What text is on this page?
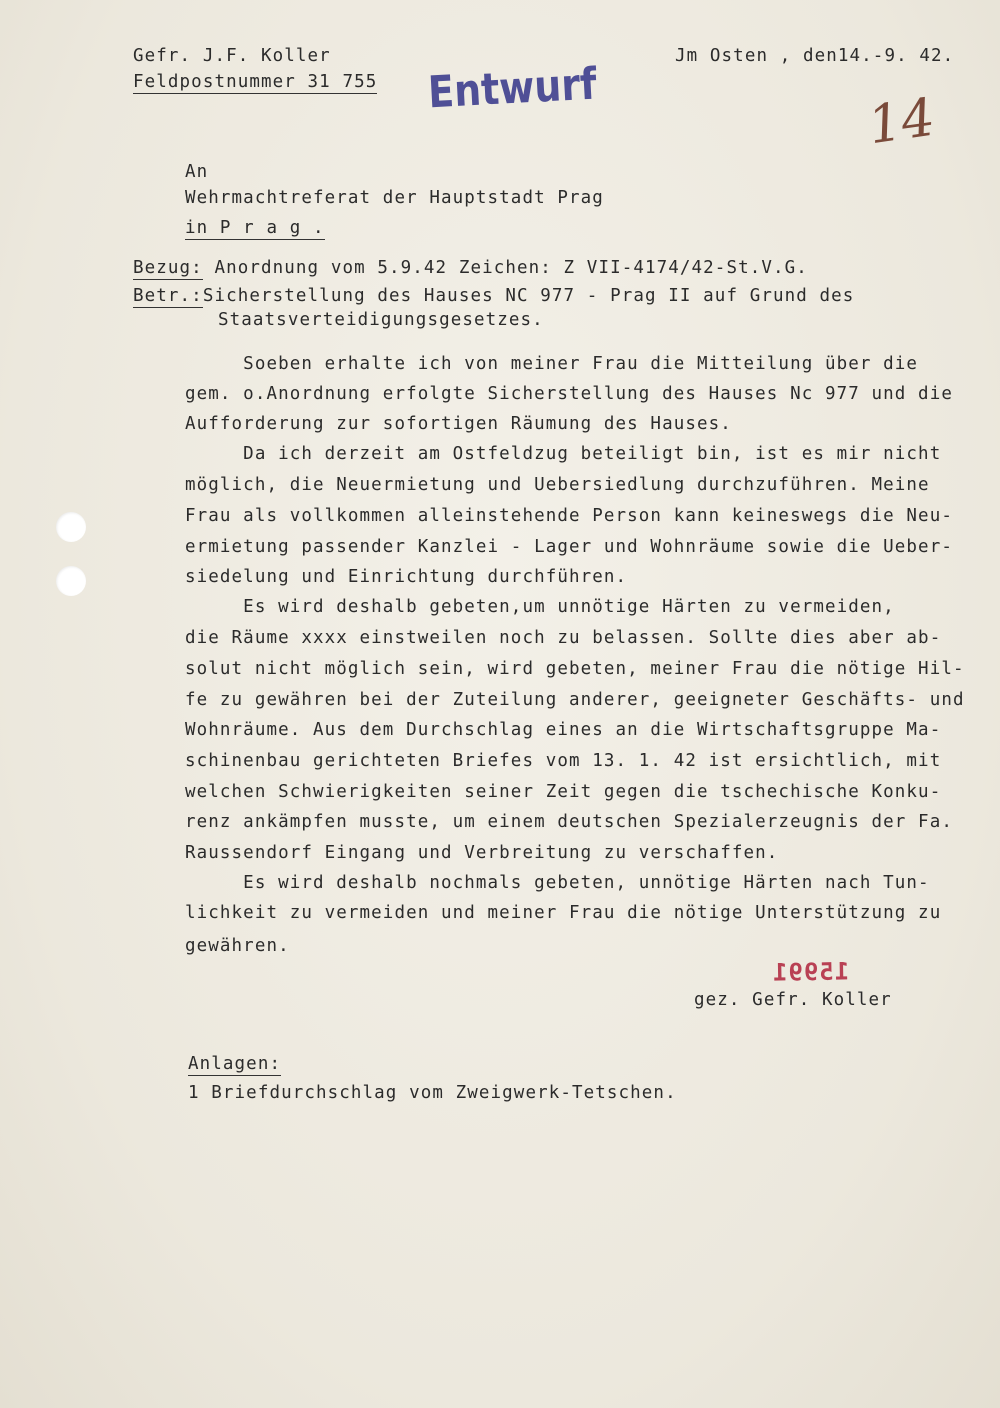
Gefr. J.F. Koller
Feldpostnummer 31 755
Jm Osten , den14.-9. 42.
Entwurf	14
An
Wehrmachtreferat der Hauptstadt Prag
in P r a g .
Bezug: Anordnung vom 5.9.42 Zeichen: Z VII-4174/42-St.V.G.
Betr.:Sicherstellung des Hauses NC 977 - Prag II auf Grund des
Staatsverteidigungsgesetzes.
Soeben erhalte ich von meiner Frau die Mitteilung über die
gem. o.Anordnung erfolgte Sicherstellung des Hauses Nc 977 und die
Aufforderung zur sofortigen Räumung des Hauses.
Da ich derzeit am Ostfeldzug beteiligt bin, ist es mir nicht
möglich, die Neuermietung und Uebersiedlung durchzuführen. Meine
Frau als vollkommen alleinstehende Person kann keineswegs die Neu-
ermietung passender Kanzlei - Lager und Wohnräume sowie die Ueber-
siedelung und Einrichtung durchführen.
Es wird deshalb gebeten,um unnötige Härten zu vermeiden,
die Räume xxxx einstweilen noch zu belassen. Sollte dies aber ab-
solut nicht möglich sein, wird gebeten, meiner Frau die nötige Hil-
fe zu gewähren bei der Zuteilung anderer, geeigneter Geschäfts- und
Wohnräume. Aus dem Durchschlag eines an die Wirtschaftsgruppe Ma-
schinenbau gerichteten Briefes vom 13. 1. 42 ist ersichtlich, mit
welchen Schwierigkeiten seiner Zeit gegen die tschechische Konku-
renz ankämpfen musste, um einem deutschen Spezialerzeugnis der Fa.
Raussendorf Eingang und Verbreitung zu verschaffen.
Es wird deshalb nochmals gebeten, unnötige Härten nach Tun-
lichkeit zu vermeiden und meiner Frau die nötige Unterstützung zu
gewähren.
15991
gez. Gefr. Koller
Anlagen:
1 Briefdurchschlag vom Zweigwerk-Tetschen.
